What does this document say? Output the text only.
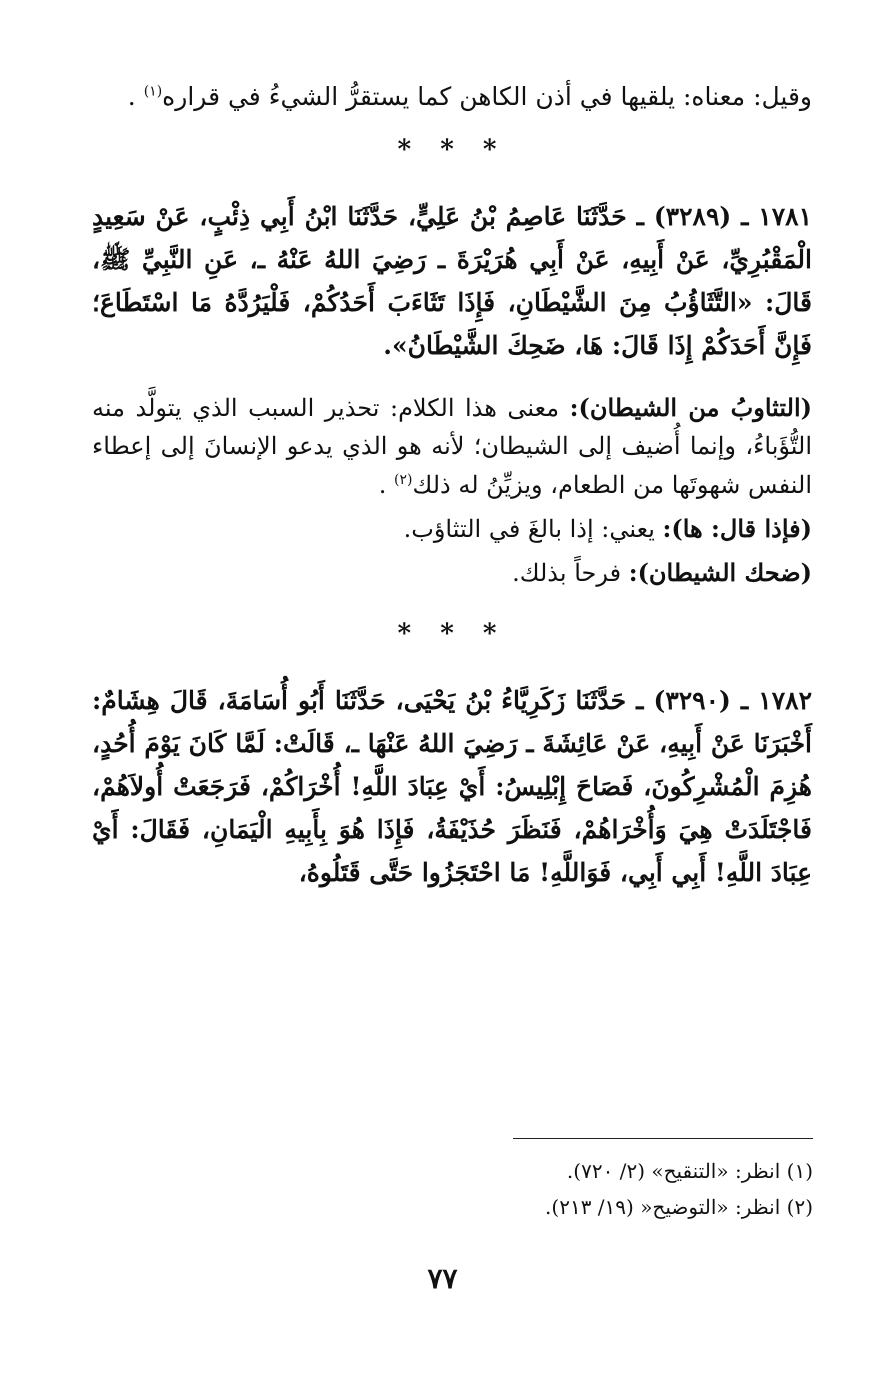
وقيل: معناه: يلقيها في أذن الكاهن كما يستقرُّ الشيءُ في قراره$^{(١)}$ .

* * *

١٧٨١ ـ (٣٢٨٩) ـ حَدَّثَنَا عَاصِمُ بْنُ عَلِيٍّ، حَدَّثَنَا ابْنُ أَبِي ذِئْبٍ، عَنْ سَعِيدٍ الْمَقْبُرِيِّ، عَنْ أَبِيهِ، عَنْ أَبِي هُرَيْرَةَ ـ رَضِيَ اللهُ عَنْهُ ـ، عَنِ النَّبِيِّ ﷺ، قَالَ: «التَّثَاؤُبُ مِنَ الشَّيْطَانِ، فَإِذَا تَثَاءَبَ أَحَدُكُمْ، فَلْيَرُدَّهُ مَا اسْتَطَاعَ؛ فَإِنَّ أَحَدَكُمْ إِذَا قَالَ: هَا، ضَحِكَ الشَّيْطَانُ».

(التثاوبُ من الشيطان): معنى هذا الكلام: تحذير السبب الذي يتولَّد منه التُّؤَباءُ، وإنما أُضيف إلى الشيطان؛ لأنه هو الذي يدعو الإنسانَ إلى إعطاء النفس شهوتَها من الطعام، ويزيِّنُ له ذلك$^{(٢)}$ .

(فإذا قال: ها): يعني: إذا بالغَ في التثاؤب.

(ضحك الشيطان): فرحاً بذلك.

* * *

١٧٨٢ ـ (٣٢٩٠) ـ حَدَّثَنَا زَكَرِيَّاءُ بْنُ يَحْيَى، حَدَّثَنَا أَبُو أُسَامَةَ، قَالَ هِشَامٌ: أَخْبَرَنَا عَنْ أَبِيهِ، عَنْ عَائِشَةَ ـ رَضِيَ اللهُ عَنْهَا ـ، قَالَتْ: لَمَّا كَانَ يَوْمَ أُحُدٍ، هُزِمَ الْمُشْرِكُونَ، فَصَاحَ إِبْلِيسُ: أَيْ عِبَادَ اللَّهِ! أُخْرَاكُمْ، فَرَجَعَتْ أُولاَهُمْ، فَاجْتَلَدَتْ هِيَ وَأُخْرَاهُمْ، فَنَظَرَ حُذَيْفَةُ، فَإِذَا هُوَ بِأَبِيهِ الْيَمَانِ، فَقَالَ: أَيْ عِبَادَ اللَّهِ! أَبِي أَبِي، فَوَاللَّهِ! مَا احْتَجَزُوا حَتَّى قَتَلُوهُ،

(١) انظر: «التنقيح» (٢/ ٧٢٠).

(٢) انظر: «التوضيح« (١٩/ ٢١٣).

٧٧
